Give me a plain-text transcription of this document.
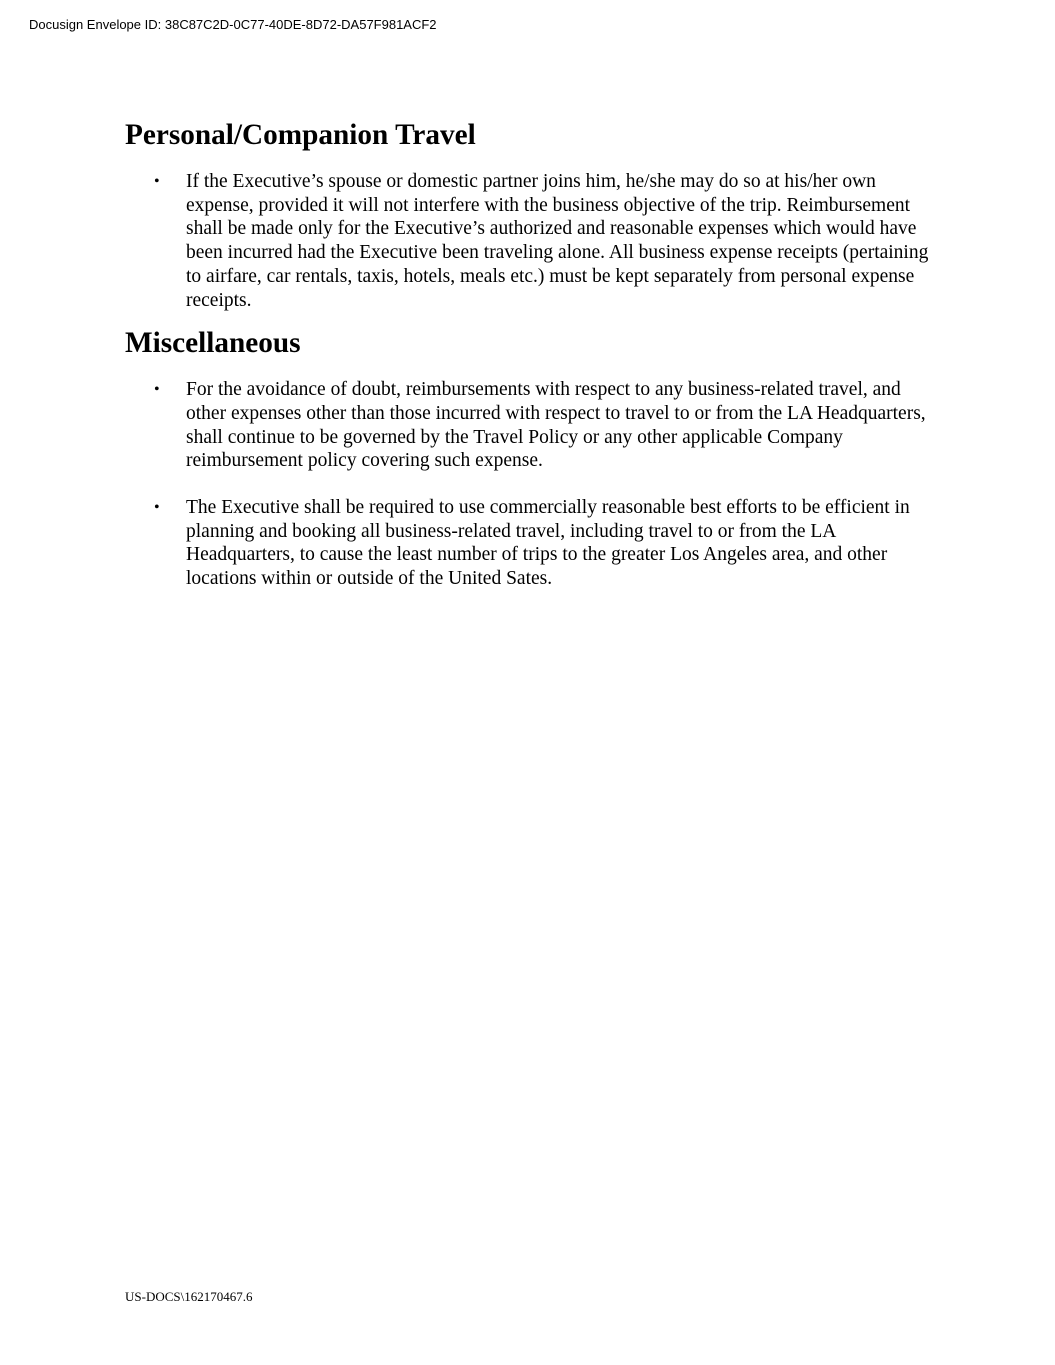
Docusign Envelope ID: 38C87C2D-0C77-40DE-8D72-DA57F981ACF2
Personal/Companion Travel
• If the Executive’s spouse or domestic partner joins him, he/she may do so at his/her own expense, provided it will not interfere with the business objective of the trip. Reimbursement shall be made only for the Executive’s authorized and reasonable expenses which would have been incurred had the Executive been traveling alone. All business expense receipts (pertaining to airfare, car rentals, taxis, hotels, meals etc.) must be kept separately from personal expense receipts.
Miscellaneous
• For the avoidance of doubt, reimbursements with respect to any business-related travel, and other expenses other than those incurred with respect to travel to or from the LA Headquarters, shall continue to be governed by the Travel Policy or any other applicable Company reimbursement policy covering such expense.
• The Executive shall be required to use commercially reasonable best efforts to be efficient in planning and booking all business-related travel, including travel to or from the LA Headquarters, to cause the least number of trips to the greater Los Angeles area, and other locations within or outside of the United Sates.
US-DOCS\162170467.6
